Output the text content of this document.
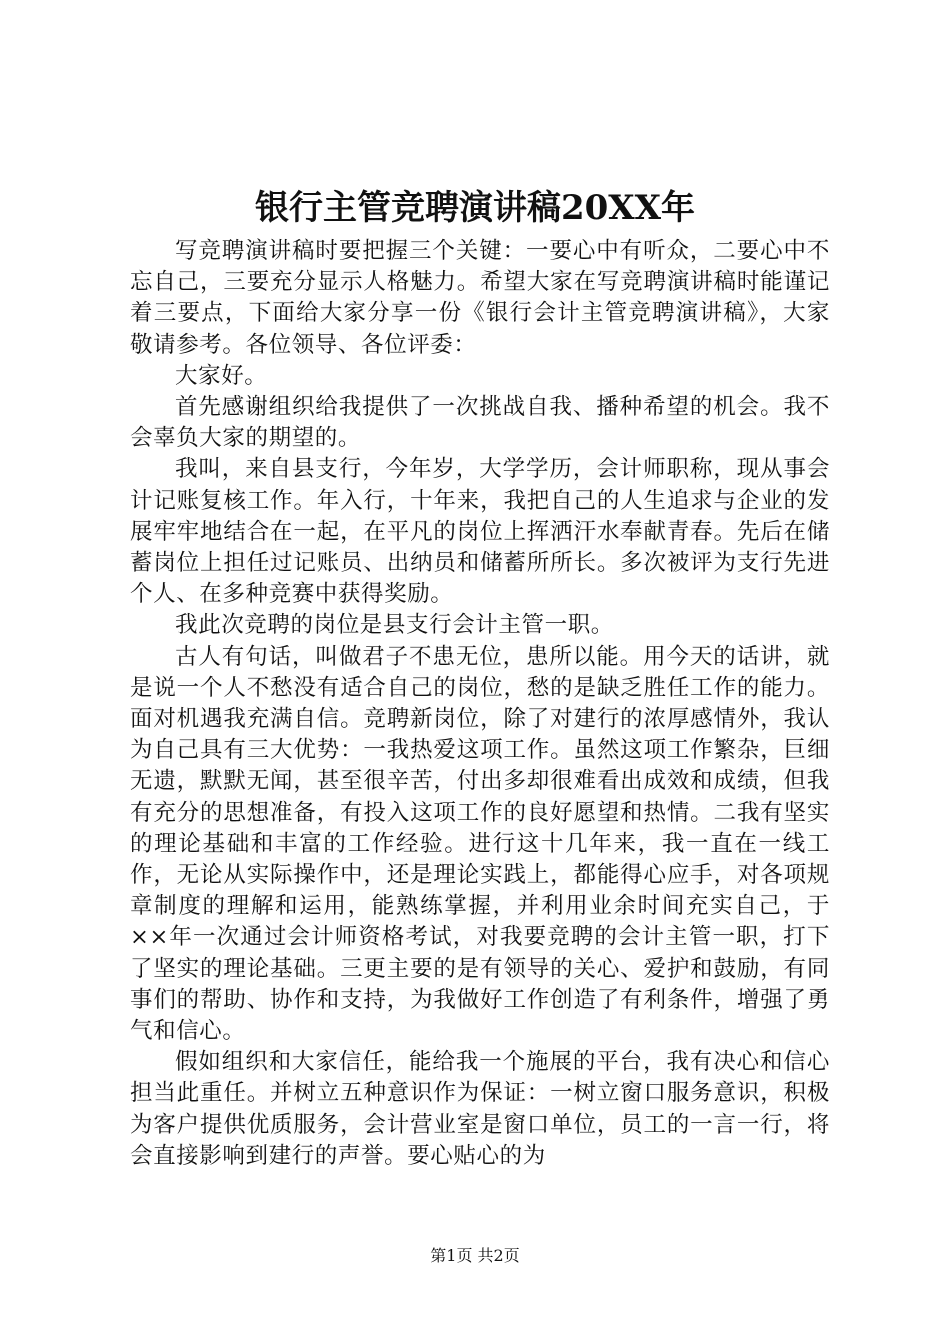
银行主管竞聘演讲稿20XX年

写竞聘演讲稿时要把握三个关键：一要心中有听众，二要心中不忘自己，三要充分显示人格魅力。希望大家在写竞聘演讲稿时能谨记着三要点，下面给大家分享一份《银行会计主管竞聘演讲稿》，大家敬请参考。各位领导、各位评委：

大家好。

首先感谢组织给我提供了一次挑战自我、播种希望的机会。我不会辜负大家的期望的。

我叫，来自县支行，今年岁，大学学历，会计师职称，现从事会计记账复核工作。年入行，十年来，我把自己的人生追求与企业的发展牢牢地结合在一起，在平凡的岗位上挥洒汗水奉献青春。先后在储蓄岗位上担任过记账员、出纳员和储蓄所所长。多次被评为支行先进个人、在多种竞赛中获得奖励。

我此次竞聘的岗位是县支行会计主管一职。

古人有句话，叫做君子不患无位，患所以能。用今天的话讲，就是说一个人不愁没有适合自己的岗位，愁的是缺乏胜任工作的能力。面对机遇我充满自信。竞聘新岗位，除了对建行的浓厚感情外，我认为自己具有三大优势：一我热爱这项工作。虽然这项工作繁杂，巨细无遗，默默无闻，甚至很辛苦，付出多却很难看出成效和成绩，但我有充分的思想准备，有投入这项工作的良好愿望和热情。二我有坚实的理论基础和丰富的工作经验。进行这十几年来，我一直在一线工作，无论从实际操作中，还是理论实践上，都能得心应手，对各项规章制度的理解和运用，能熟练掌握，并利用业余时间充实自己，于××年一次通过会计师资格考试，对我要竞聘的会计主管一职，打下了坚实的理论基础。三更主要的是有领导的关心、爱护和鼓励，有同事们的帮助、协作和支持，为我做好工作创造了有利条件，增强了勇气和信心。

假如组织和大家信任，能给我一个施展的平台，我有决心和信心担当此重任。并树立五种意识作为保证：一树立窗口服务意识，积极为客户提供优质服务，会计营业室是窗口单位，员工的一言一行，将会直接影响到建行的声誉。要心贴心的为

第1页 共2页
